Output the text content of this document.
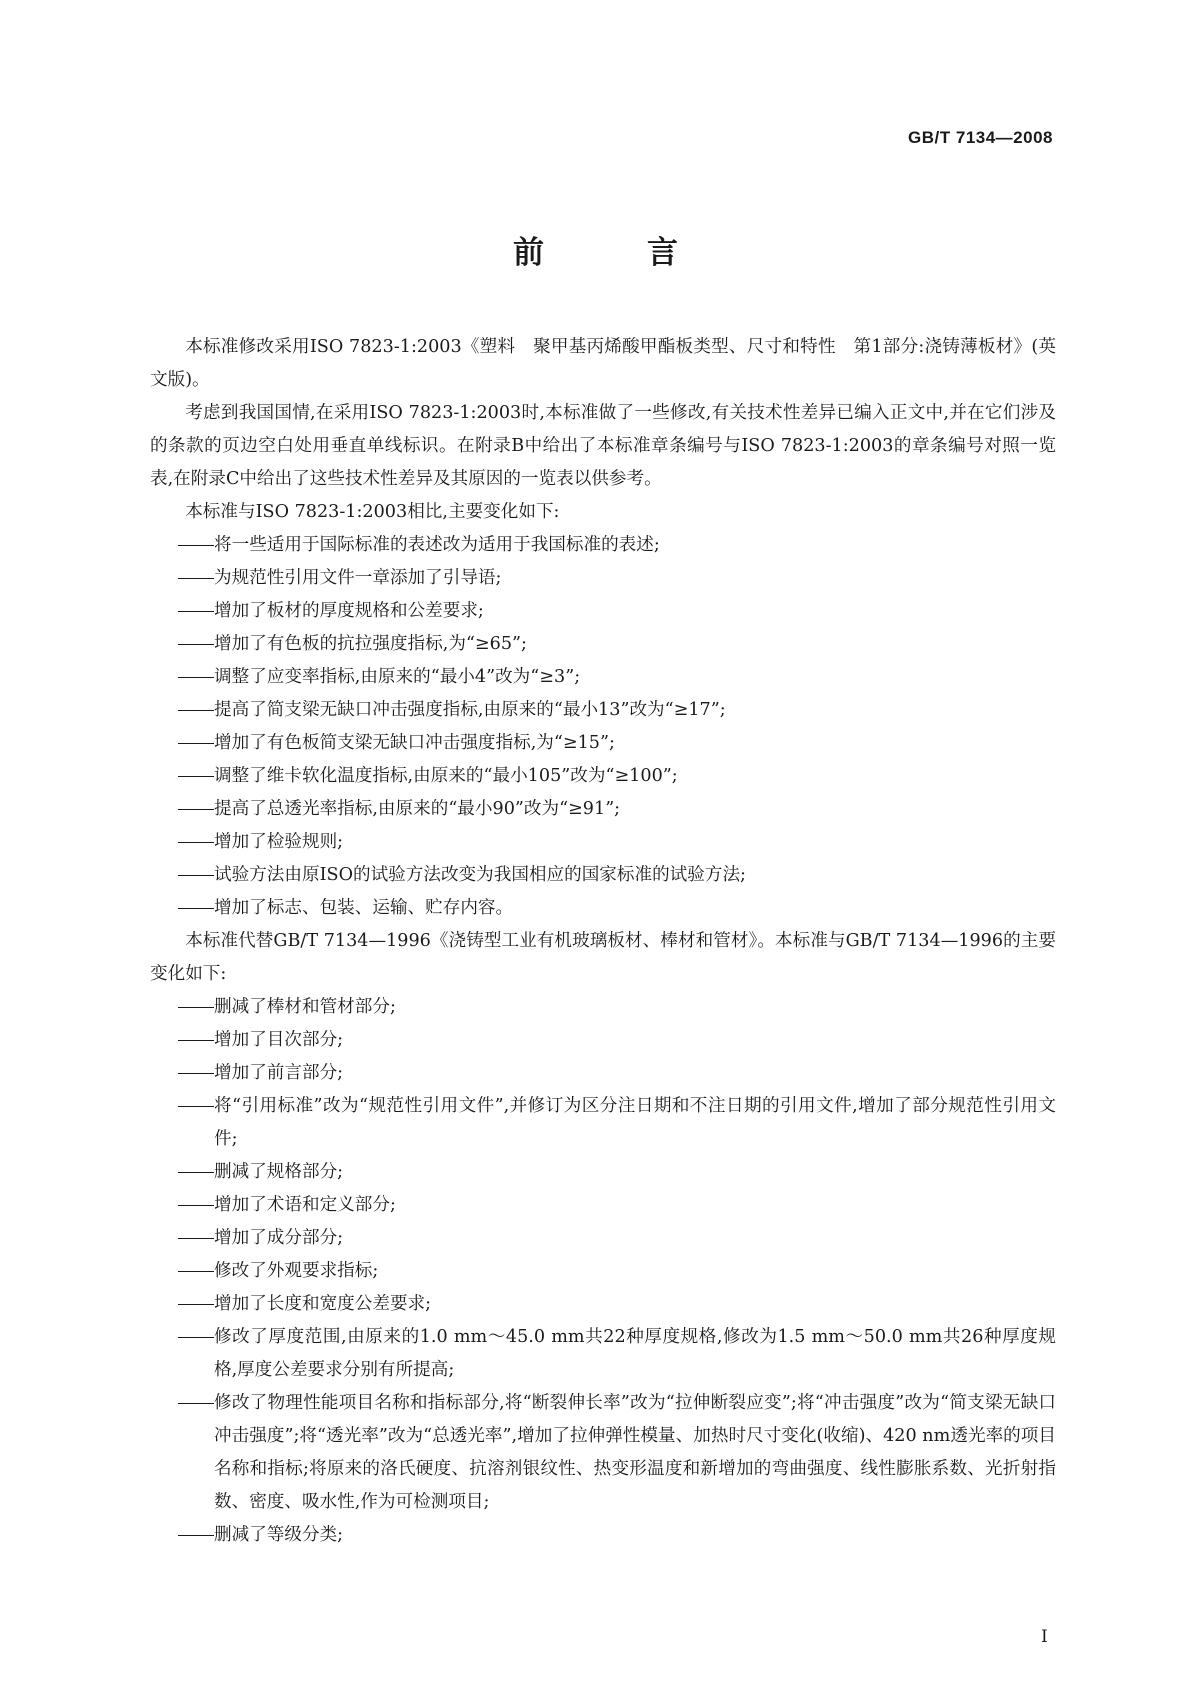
GB/T 7134—2008
前　言

本标准修改采用ISO 7823-1:2003《塑料　聚甲基丙烯酸甲酯板类型、尺寸和特性　第1部分:浇铸薄板材》(英文版)。

考虑到我国国情,在采用ISO 7823-1:2003时,本标准做了一些修改,有关技术性差异已编入正文中,并在它们涉及的条款的页边空白处用垂直单线标识。在附录B中给出了本标准章条编号与ISO 7823-1:2003的章条编号对照一览表,在附录C中给出了这些技术性差异及其原因的一览表以供参考。

本标准与ISO 7823-1:2003相比,主要变化如下:

将一些适用于国际标准的表述改为适用于我国标准的表述;
为规范性引用文件一章添加了引导语;
增加了板材的厚度规格和公差要求;
增加了有色板的抗拉强度指标,为“≥65”;
调整了应变率指标,由原来的“最小4”改为“≥3”;
提高了简支梁无缺口冲击强度指标,由原来的“最小13”改为“≥17”;
增加了有色板简支梁无缺口冲击强度指标,为“≥15”;
调整了维卡软化温度指标,由原来的“最小105”改为“≥100”;
提高了总透光率指标,由原来的“最小90”改为“≥91”;
增加了检验规则;
试验方法由原ISO的试验方法改变为我国相应的国家标准的试验方法;
增加了标志、包装、运输、贮存内容。

本标准代替GB/T 7134—1996《浇铸型工业有机玻璃板材、棒材和管材》。本标准与GB/T 7134—1996的主要变化如下:

删减了棒材和管材部分;
增加了目次部分;
增加了前言部分;
将“引用标准”改为“规范性引用文件”,并修订为区分注日期和不注日期的引用文件,增加了部分规范性引用文件;
删减了规格部分;
增加了术语和定义部分;
增加了成分部分;
修改了外观要求指标;
增加了长度和宽度公差要求;
修改了厚度范围,由原来的1.0 mm～45.0 mm共22种厚度规格,修改为1.5 mm～50.0 mm共26种厚度规格,厚度公差要求分别有所提高;
修改了物理性能项目名称和指标部分,将“断裂伸长率”改为“拉伸断裂应变”;将“冲击强度”改为“简支梁无缺口冲击强度”;将“透光率”改为“总透光率”,增加了拉伸弹性模量、加热时尺寸变化(收缩)、420 nm透光率的项目名称和指标;将原来的洛氏硬度、抗溶剂银纹性、热变形温度和新增加的弯曲强度、线性膨胀系数、光折射指数、密度、吸水性,作为可检测项目;
删减了等级分类;
I
